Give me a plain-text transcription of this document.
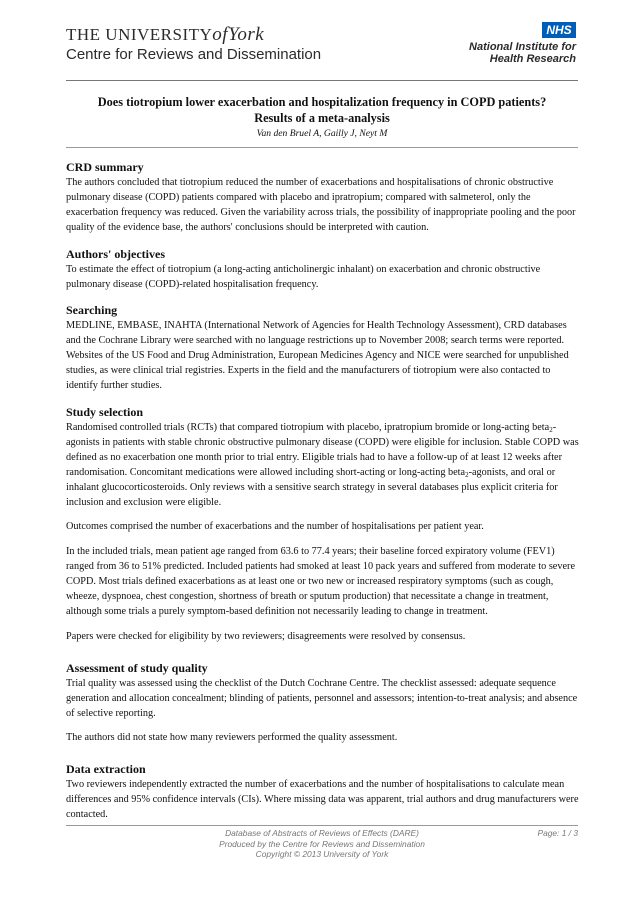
THE UNIVERSITYofYork
Centre for Reviews and Dissemination
NHS
National Institute for
Health Research
Does tiotropium lower exacerbation and hospitalization frequency in COPD patients?
Results of a meta-analysis
Van den Bruel A, Gailly J, Neyt M
CRD summary
The authors concluded that tiotropium reduced the number of exacerbations and hospitalisations of chronic obstructive pulmonary disease (COPD) patients compared with placebo and ipratropium; compared with salmeterol, only the exacerbation frequency was reduced. Given the variability across trials, the possibility of inappropriate pooling and the poor quality of the evidence base, the authors' conclusions should be interpreted with caution.
Authors' objectives
To estimate the effect of tiotropium (a long-acting anticholinergic inhalant) on exacerbation and chronic obstructive pulmonary disease (COPD)-related hospitalisation frequency.
Searching
MEDLINE, EMBASE, INAHTA (International Network of Agencies for Health Technology Assessment), CRD databases and the Cochrane Library were searched with no language restrictions up to November 2008; search terms were reported. Websites of the US Food and Drug Administration, European Medicines Agency and NICE were searched for unpublished studies, as were clinical trial registries. Experts in the field and the manufacturers of tiotropium were also contacted to identify further studies.
Study selection
Randomised controlled trials (RCTs) that compared tiotropium with placebo, ipratropium bromide or long-acting beta$_2$-agonists in patients with stable chronic obstructive pulmonary disease (COPD) were eligible for inclusion. Stable COPD was defined as no exacerbation one month prior to trial entry. Eligible trials had to have a follow-up of at least 12 weeks after randomisation. Concomitant medications were allowed including short-acting or long-acting beta$_2$-agonists, and oral or inhalant glucocorticosteroids. Only reviews with a sensitive search strategy in several databases plus explicit criteria for inclusion and exclusion were eligible.
Outcomes comprised the number of exacerbations and the number of hospitalisations per patient year.
In the included trials, mean patient age ranged from 63.6 to 77.4 years; their baseline forced expiratory volume (FEV1) ranged from 36 to 51% predicted. Included patients had smoked at least 10 pack years and suffered from moderate to severe COPD. Most trials defined exacerbations as at least one or two new or increased respiratory symptoms (such as cough, wheeze, dyspnoea, chest congestion, shortness of breath or sputum production) that necessitate a change in treatment, although some trials a purely symptom-based definition not necessarily leading to change in treatment.
Papers were checked for eligibility by two reviewers; disagreements were resolved by consensus.
Assessment of study quality
Trial quality was assessed using the checklist of the Dutch Cochrane Centre. The checklist assessed: adequate sequence generation and allocation concealment; blinding of patients, personnel and assessors; intention-to-treat analysis; and absence of selective reporting.
The authors did not state how many reviewers performed the quality assessment.
Data extraction
Two reviewers independently extracted the number of exacerbations and the number of hospitalisations to calculate mean differences and 95% confidence intervals (CIs). Where missing data was apparent, trial authors and drug manufacturers were contacted.
Database of Abstracts of Reviews of Effects (DARE)
Produced by the Centre for Reviews and Dissemination
Copyright © 2013 University of York
Page: 1 / 3
